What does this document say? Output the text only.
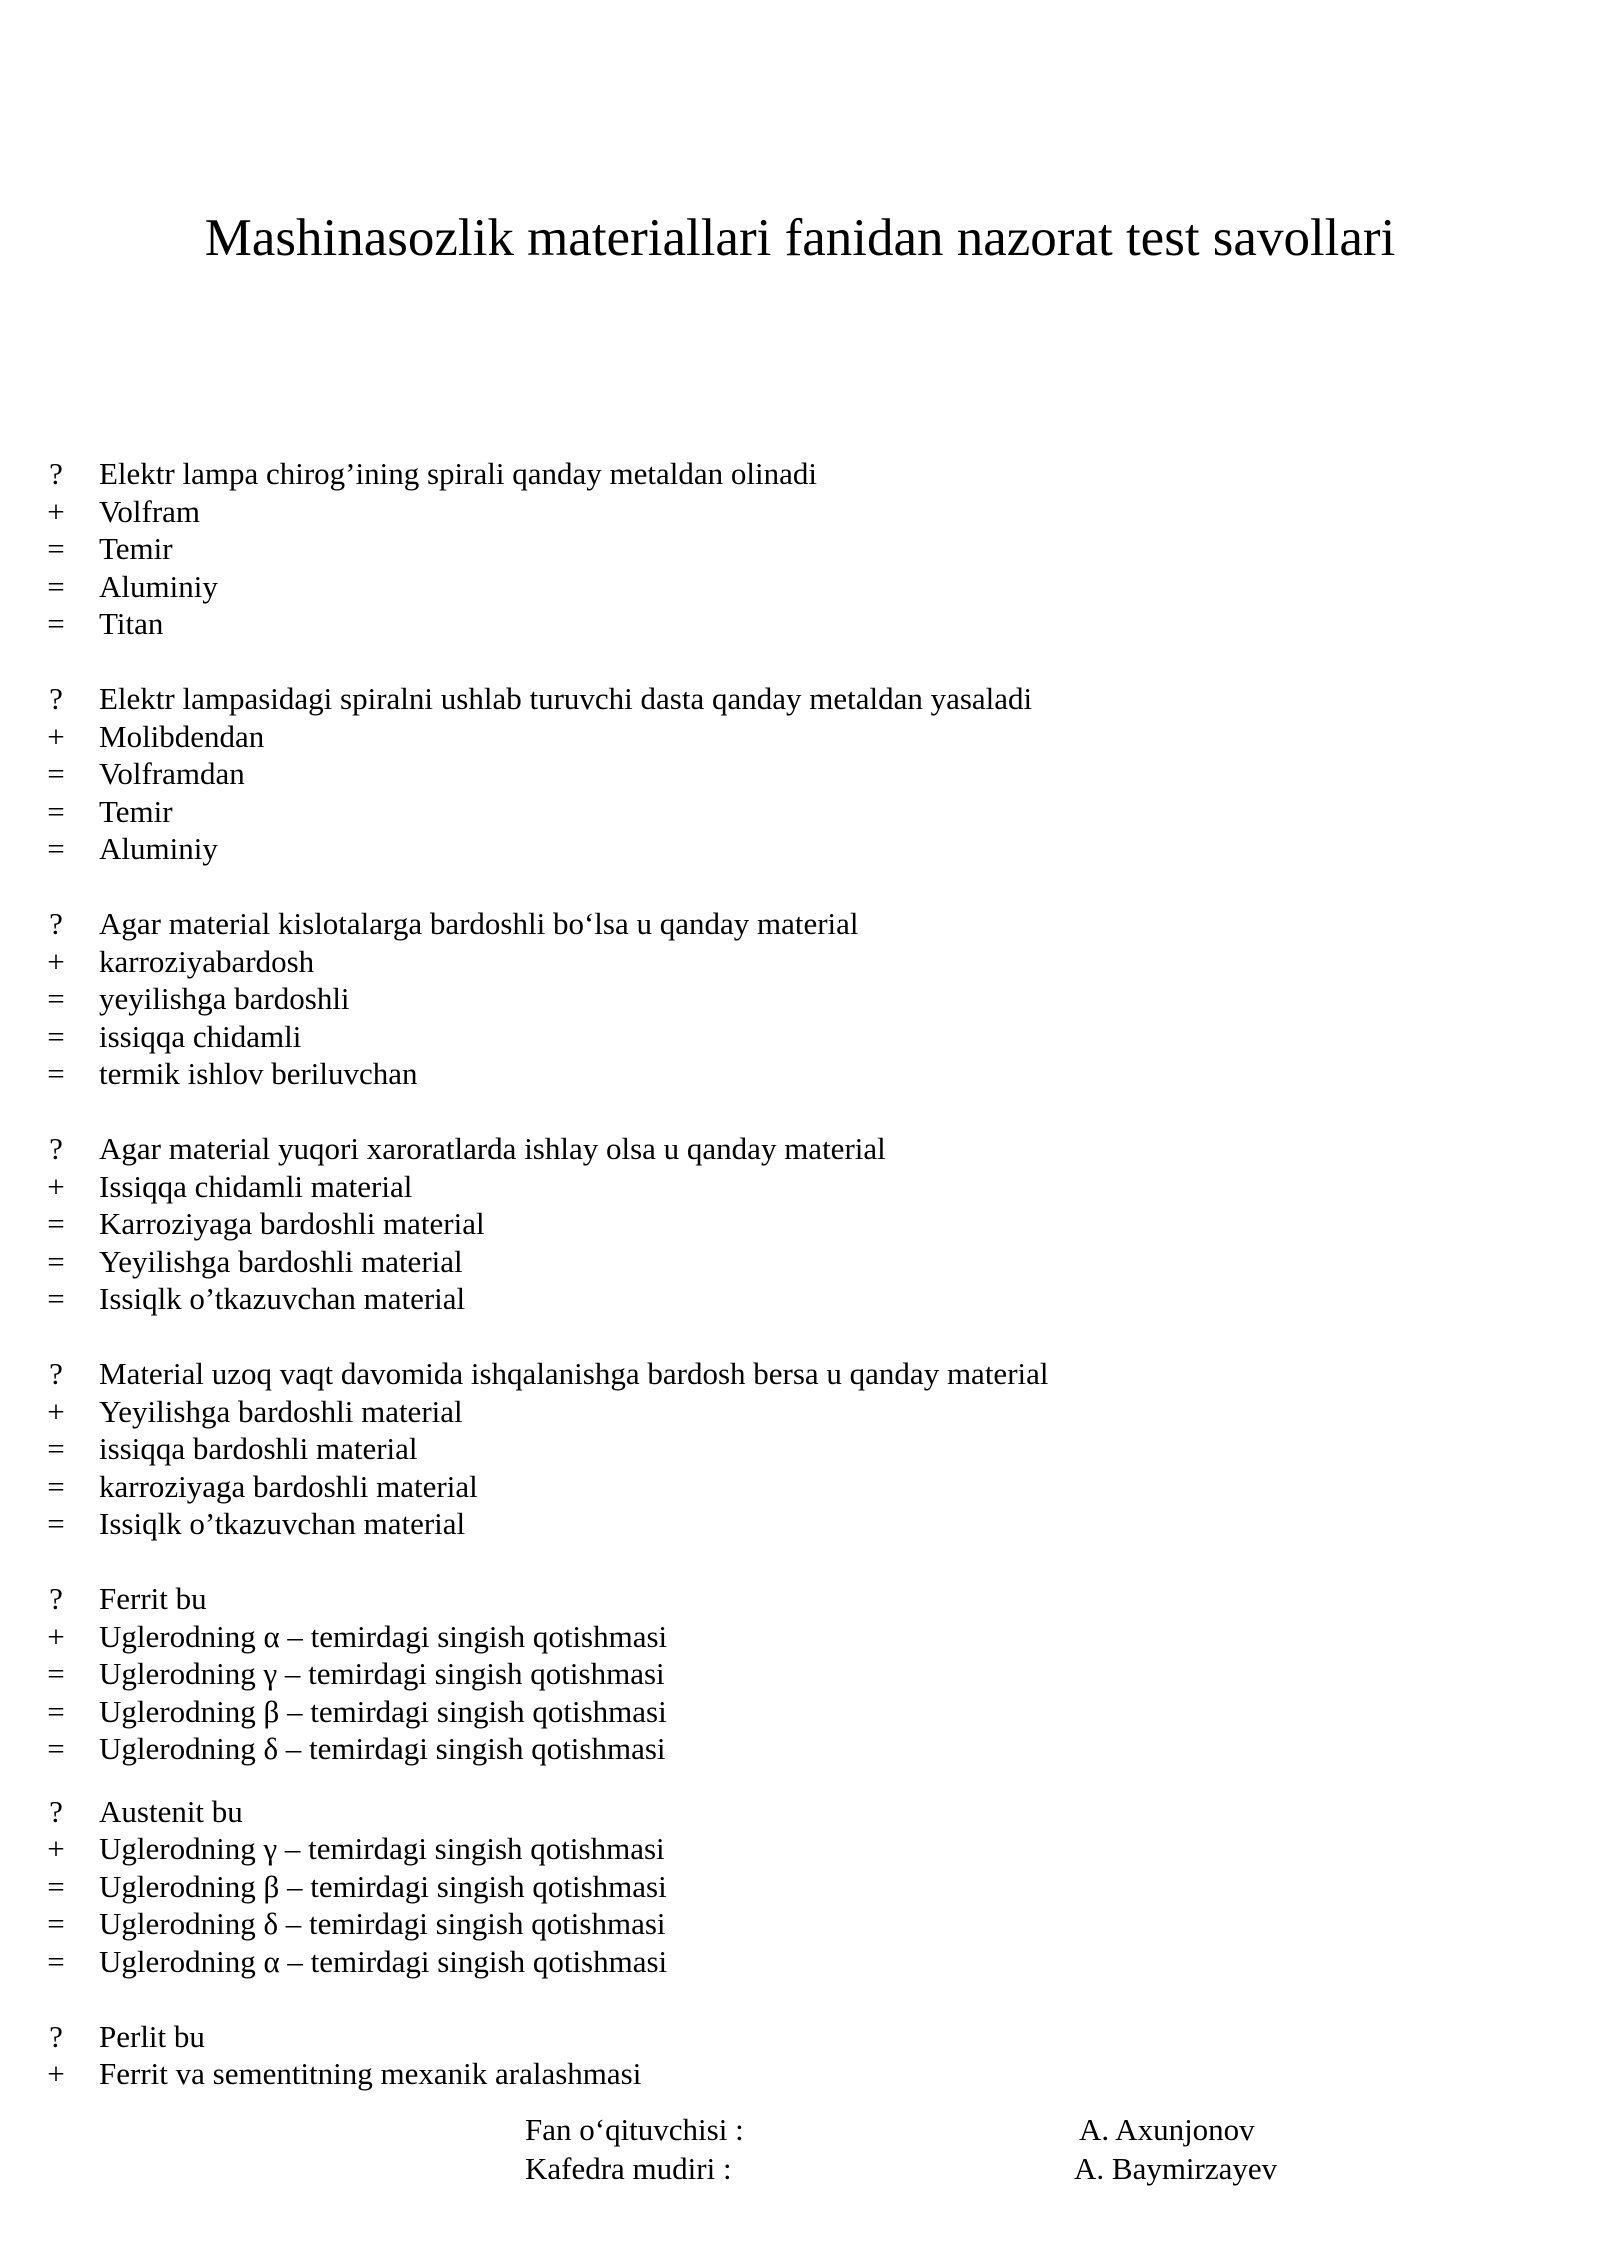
Mashinasozlik materiallari fanidan nazorat test savollari
?	Elektr lampa chirog’ining spirali qanday metaldan olinadi
+	Volfram
=	Temir
=	Aluminiy
=	Titan
?	Elektr lampasidagi spiralni ushlab turuvchi dasta qanday metaldan yasaladi
+	Molibdendan
=	Volframdan
=	Temir
=	Aluminiy
?	Agar material kislotalarga bardoshli bo‘lsa u qanday material
+	karroziyabardosh
=	yeyilishga bardoshli
=	issiqqa chidamli
=	termik ishlov beriluvchan
?	Agar material yuqori xaroratlarda ishlay olsa u qanday material
+	Issiqqa chidamli material
=	Karroziyaga bardoshli material
=	Yeyilishga bardoshli material
=	Issiqlk o’tkazuvchan material
?	Material uzoq vaqt davomida ishqalanishga bardosh bersa u qanday material
+	Yeyilishga bardoshli material
=	issiqqa bardoshli material
=	karroziyaga bardoshli material
=	Issiqlk o’tkazuvchan material
?	Ferrit bu
+	Uglerodning α – temirdagi singish qotishmasi
=	Uglerodning γ – temirdagi singish qotishmasi
=	Uglerodning β – temirdagi singish qotishmasi
=	Uglerodning δ – temirdagi singish qotishmasi
?	Austenit bu
+	Uglerodning γ – temirdagi singish qotishmasi
=	Uglerodning β – temirdagi singish qotishmasi
=	Uglerodning δ – temirdagi singish qotishmasi
=	Uglerodning α – temirdagi singish qotishmasi
?	Perlit bu
+	Ferrit va sementitning mexanik aralashmasi
Fan o‘qituvchisi :	A. Axunjonov
Kafedra mudiri :	A. Baymirzayev
